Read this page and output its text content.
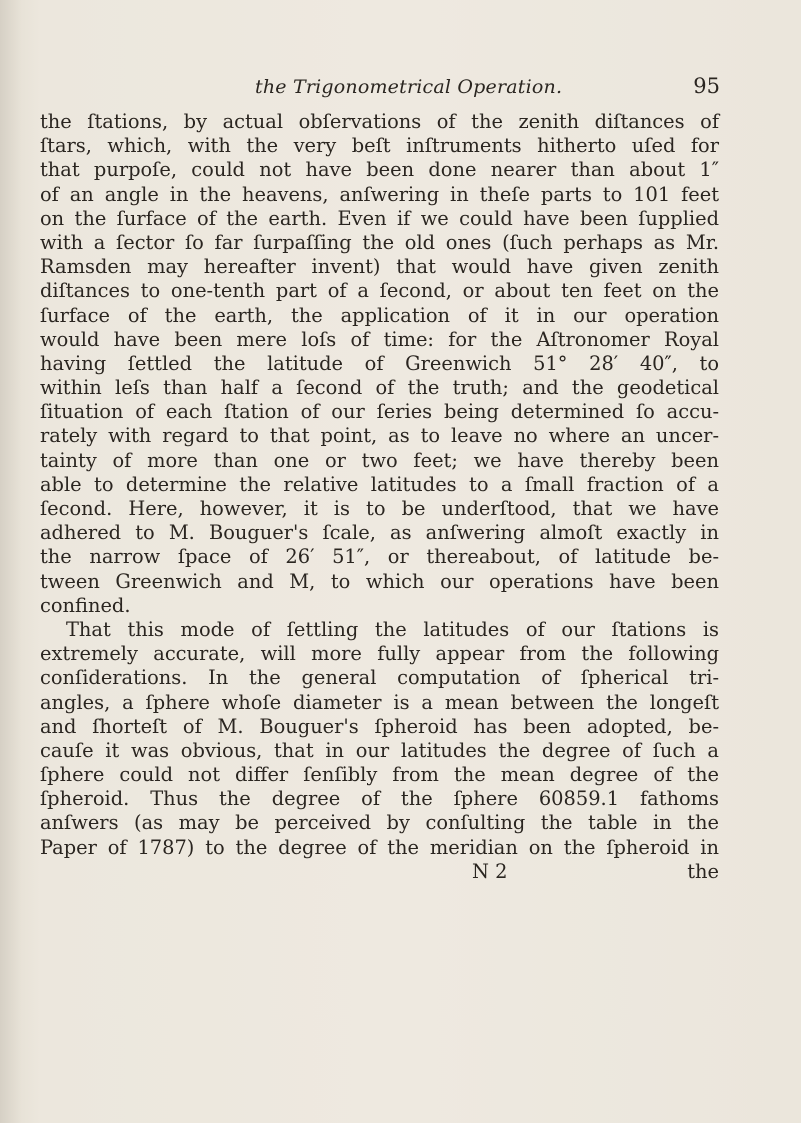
the Trigonometrical Operation.	95
the ſtations, by actual obſervations of the zenith diſtances of
ſtars, which, with the very beſt inſtruments hitherto uſed for
that purpoſe, could not have been done nearer than about 1″
of an angle in the heavens, anſwering in theſe parts to 101 feet
on the ſurface of the earth. Even if we could have been ſupplied
with a ſector ſo far ſurpaſſing the old ones (ſuch perhaps as Mr.
Ramsden may hereafter invent) that would have given zenith
diſtances to one-tenth part of a ſecond, or about ten feet on the
ſurface of the earth, the application of it in our operation
would have been mere loſs of time: for the Aſtronomer Royal
having ſettled the latitude of Greenwich 51° 28′ 40″, to
within leſs than half a ſecond of the truth; and the geodetical
ſituation of each ſtation of our ſeries being determined ſo accu-
rately with regard to that point, as to leave no where an uncer-
tainty of more than one or two feet; we have thereby been
able to determine the relative latitudes to a ſmall fraction of a
ſecond. Here, however, it is to be underſtood, that we have
adhered to M. Bouguer's ſcale, as anſwering almoſt exactly in
the narrow ſpace of 26′ 51″, or thereabout, of latitude be-
tween Greenwich and M, to which our operations have been
confined.
That this mode of ſettling the latitudes of our ſtations is
extremely accurate, will more fully appear from the following
conſiderations. In the general computation of ſpherical tri-
angles, a ſphere whoſe diameter is a mean between the longeſt
and ſhorteſt of M. Bouguer's ſpheroid has been adopted, be-
cauſe it was obvious, that in our latitudes the degree of ſuch a
ſphere could not differ ſenſibly from the mean degree of the
ſpheroid. Thus the degree of the ſphere 60859.1 fathoms
anſwers (as may be perceived by conſulting the table in the
Paper of 1787) to the degree of the meridian on the ſpheroid in
N 2	the
